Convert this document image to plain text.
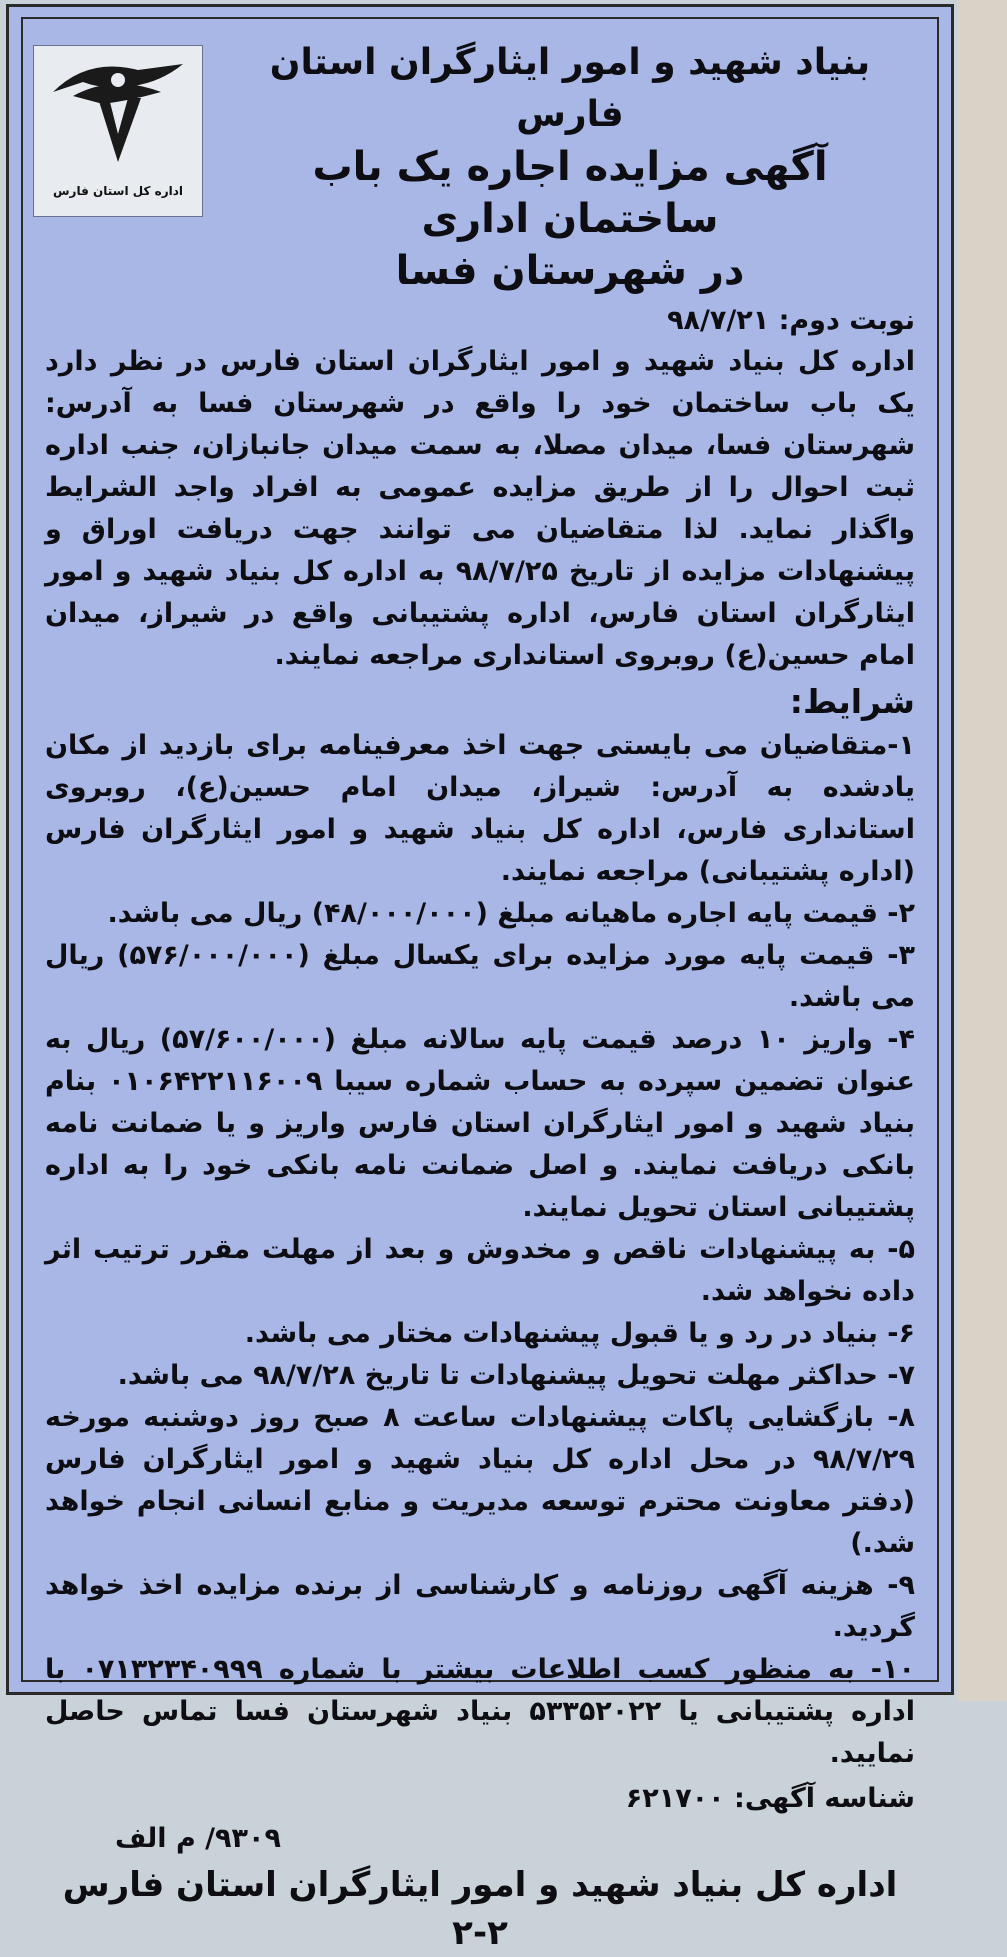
اداره کل استان فارس
بنیاد شهید و امور ایثارگران استان فارس
آگهی مزایده اجاره یک باب ساختمان اداری
در شهرستان فسا
نوبت دوم: ۹۸/۷/۲۱

اداره کل بنیاد شهید و امور ایثارگران استان فارس در نظر دارد یک باب ساختمان خود را واقع در شهرستان فسا به آدرس: شهرستان فسا، میدان مصلا، به سمت میدان جانبازان، جنب اداره ثبت احوال را از طریق مزایده عمومی به افراد واجد الشرایط واگذار نماید. لذا متقاضیان می توانند جهت دریافت اوراق و پیشنهادات مزایده از تاریخ ۹۸/۷/۲۵ به اداره کل بنیاد شهید و امور ایثارگران استان فارس، اداره پشتیبانی واقع در شیراز، میدان امام حسین(ع) روبروی استانداری مراجعه نمایند.

شرایط:

۱-متقاضیان می بایستی جهت اخذ معرفینامه برای بازدید از مکان یادشده به آدرس: شیراز، میدان امام حسین(ع)، روبروی استانداری فارس، اداره کل بنیاد شهید و امور ایثارگران فارس (اداره پشتیبانی) مراجعه نمایند.

۲- قیمت پایه اجاره ماهیانه مبلغ (۴۸/۰۰۰/۰۰۰) ریال می باشد.

۳- قیمت پایه مورد مزایده برای یکسال مبلغ (۵۷۶/۰۰۰/۰۰۰) ریال می باشد.

۴- واریز ۱۰ درصد قیمت پایه سالانه مبلغ (۵۷/۶۰۰/۰۰۰) ریال به عنوان تضمین سپرده به حساب شماره سیبا ۰۱۰۶۴۲۲۱۱۶۰۰۹ بنام بنیاد شهید و امور ایثارگران استان فارس واریز و یا ضمانت نامه بانکی دریافت نمایند. و اصل ضمانت نامه بانکی خود را به اداره پشتیبانی استان تحویل نمایند.

۵- به پیشنهادات ناقص و مخدوش و بعد از مهلت مقرر ترتیب اثر داده نخواهد شد.

۶- بنیاد در رد و یا قبول پیشنهادات مختار می باشد.

۷- حداکثر مهلت تحویل پیشنهادات تا تاریخ ۹۸/۷/۲۸ می باشد.

۸- بازگشایی پاکات پیشنهادات ساعت ۸ صبح روز دوشنبه مورخه ۹۸/۷/۲۹ در محل اداره کل بنیاد شهید و امور ایثارگران فارس (دفتر معاونت محترم توسعه مدیریت و منابع انسانی انجام خواهد شد.)

۹- هزینه آگهی روزنامه و کارشناسی از برنده مزایده اخذ خواهد گردید.

۱۰- به منظور کسب اطلاعات بیشتر با شماره ۰۷۱۳۲۳۴۰۹۹۹ با اداره پشتیبانی یا ۵۳۳۵۲۰۲۲ بنیاد شهرستان فسا تماس حاصل نمایید.

شناسه آگهی: ۶۲۱۷۰۰
۹۳۰۹/ م الف
اداره کل بنیاد شهید و امور ایثارگران استان فارس ۲-۲
